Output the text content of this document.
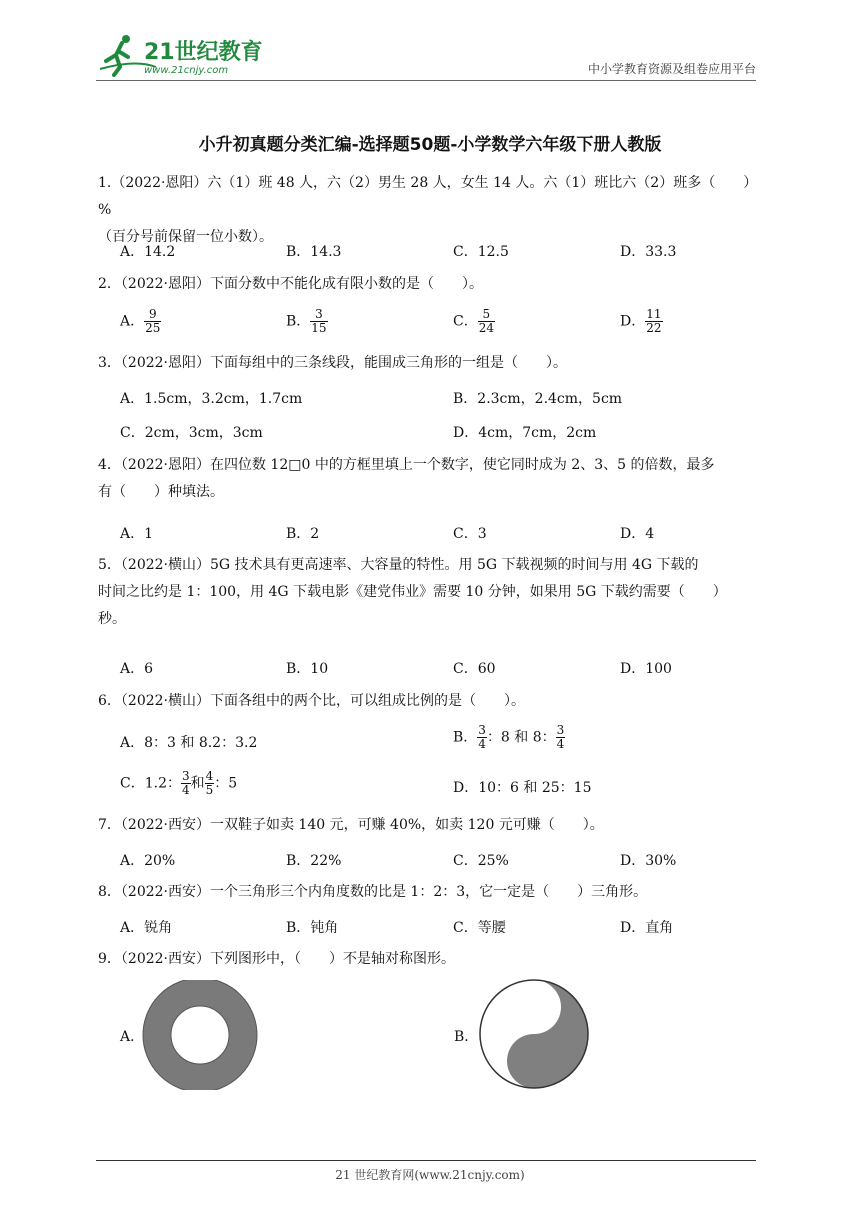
21世纪教育
www.21cnjy.com	中小学教育资源及组卷应用平台
小升初真题分类汇编-选择题50题-小学数学六年级下册人教版
1.（2022·恩阳）六（1）班 48 人，六（2）男生 28 人，女生 14 人。六（1）班比六（2）班多（　　）%
（百分号前保留一位小数）。
A．14.2	B．14.3	C．12.5	D．33.3
2．（2022·恩阳）下面分数中不能化成有限小数的是（　　）。
A． $\frac{9}{25}$	B． $\frac{3}{15}$	C． $\frac{5}{24}$	D． $\frac{11}{22}$
3．（2022·恩阳）下面每组中的三条线段，能围成三角形的一组是（　　）。
A．1.5cm，3.2cm，1.7cm	B．2.3cm，2.4cm，5cm
C．2cm，3cm，3cm	D．4cm，7cm，2cm
4．（2022·恩阳）在四位数 12□0 中的方框里填上一个数字，使它同时成为 2、3、5 的倍数，最多
有（　　）种填法。
A．1	B．2	C．3	D．4
5．（2022·横山）5G 技术具有更高速率、大容量的特性。用 5G 下载视频的时间与用 4G 下载的
时间之比约是 1：100，用 4G 下载电影《建党伟业》需要 10 分钟，如果用 5G 下载约需要（　　）
秒。
A．6	B．10	C．60	D．100
6．（2022·横山）下面各组中的两个比，可以组成比例的是（　　）。
A．8：3 和 8.2：3.2	B． $\frac{3}{4}$ ：8 和 8： $\frac{3}{4}$
C．1.2： $\frac{3}{4}$ 和 $\frac{4}{5}$ ：5	D．10：6 和 25：15
7．（2022·西安）一双鞋子如卖 140 元，可赚 40%，如卖 120 元可赚（　　）。
A．20%	B．22%	C．25%	D．30%
8．（2022·西安）一个三角形三个内角度数的比是 1：2：3，它一定是（　　）三角形。
A．锐角	B．钝角	C．等腰	D．直角
9．（2022·西安）下列图形中，（　　）不是轴对称图形。
A．	B．
21 世纪教育网(www.21cnjy.com)
